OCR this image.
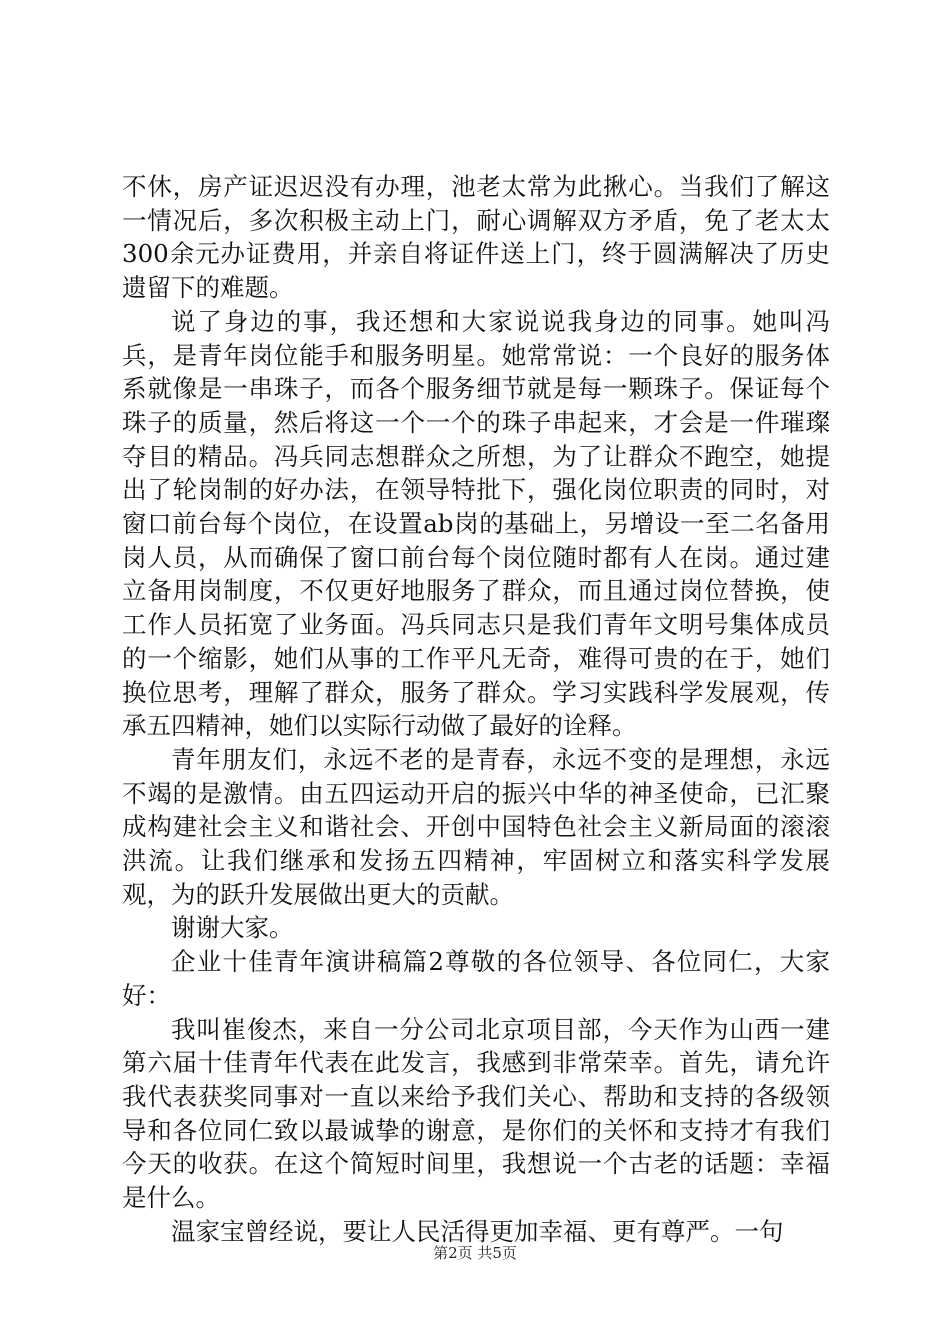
不休，房产证迟迟没有办理，池老太常为此揪心。当我们了解这一情况后，多次积极主动上门，耐心调解双方矛盾，免了老太太300余元办证费用，并亲自将证件送上门，终于圆满解决了历史遗留下的难题。

说了身边的事，我还想和大家说说我身边的同事。她叫冯兵，是青年岗位能手和服务明星。她常常说：一个良好的服务体系就像是一串珠子，而各个服务细节就是每一颗珠子。保证每个珠子的质量，然后将这一个一个的珠子串起来，才会是一件璀璨夺目的精品。冯兵同志想群众之所想，为了让群众不跑空，她提出了轮岗制的好办法，在领导特批下，强化岗位职责的同时，对窗口前台每个岗位，在设置ab岗的基础上，另增设一至二名备用岗人员，从而确保了窗口前台每个岗位随时都有人在岗。通过建立备用岗制度，不仅更好地服务了群众，而且通过岗位替换，使工作人员拓宽了业务面。冯兵同志只是我们青年文明号集体成员的一个缩影，她们从事的工作平凡无奇，难得可贵的在于，她们换位思考，理解了群众，服务了群众。学习实践科学发展观，传承五四精神，她们以实际行动做了最好的诠释。

青年朋友们，永远不老的是青春，永远不变的是理想，永远不竭的是激情。由五四运动开启的振兴中华的神圣使命，已汇聚成构建社会主义和谐社会、开创中国特色社会主义新局面的滚滚洪流。让我们继承和发扬五四精神，牢固树立和落实科学发展观，为的跃升发展做出更大的贡献。

谢谢大家。

企业十佳青年演讲稿篇2尊敬的各位领导、各位同仁，大家好：

我叫崔俊杰，来自一分公司北京项目部，今天作为山西一建第六届十佳青年代表在此发言，我感到非常荣幸。首先，请允许我代表获奖同事对一直以来给予我们关心、帮助和支持的各级领导和各位同仁致以最诚挚的谢意，是你们的关怀和支持才有我们今天的收获。在这个简短时间里，我想说一个古老的话题：幸福是什么。

温家宝曾经说，要让人民活得更加幸福、更有尊严。一句

第2页 共5页
